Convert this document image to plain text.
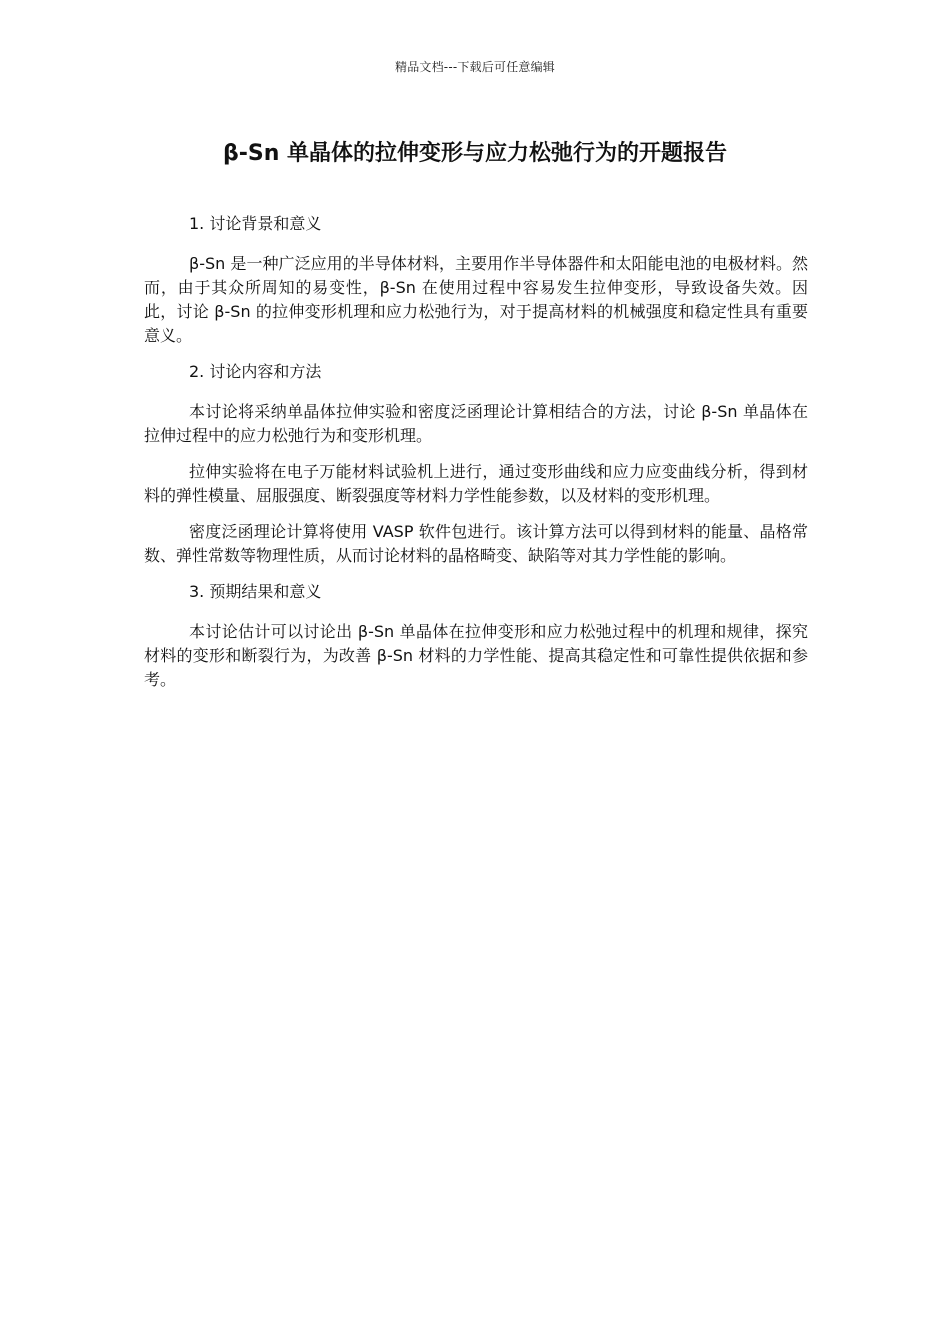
精品文档---下载后可任意编辑
β-Sn 单晶体的拉伸变形与应力松弛行为的开题报告

1. 讨论背景和意义

β-Sn 是一种广泛应用的半导体材料，主要用作半导体器件和太阳能电池的电极材料。然而，由于其众所周知的易变性，β-Sn 在使用过程中容易发生拉伸变形，导致设备失效。因此，讨论 β-Sn 的拉伸变形机理和应力松弛行为，对于提高材料的机械强度和稳定性具有重要意义。

2. 讨论内容和方法

本讨论将采纳单晶体拉伸实验和密度泛函理论计算相结合的方法，讨论 β-Sn 单晶体在拉伸过程中的应力松弛行为和变形机理。

拉伸实验将在电子万能材料试验机上进行，通过变形曲线和应力应变曲线分析，得到材料的弹性模量、屈服强度、断裂强度等材料力学性能参数，以及材料的变形机理。

密度泛函理论计算将使用 VASP 软件包进行。该计算方法可以得到材料的能量、晶格常数、弹性常数等物理性质，从而讨论材料的晶格畸变、缺陷等对其力学性能的影响。

3. 预期结果和意义

本讨论估计可以讨论出 β-Sn 单晶体在拉伸变形和应力松弛过程中的机理和规律，探究材料的变形和断裂行为，为改善 β-Sn 材料的力学性能、提高其稳定性和可靠性提供依据和参考。
